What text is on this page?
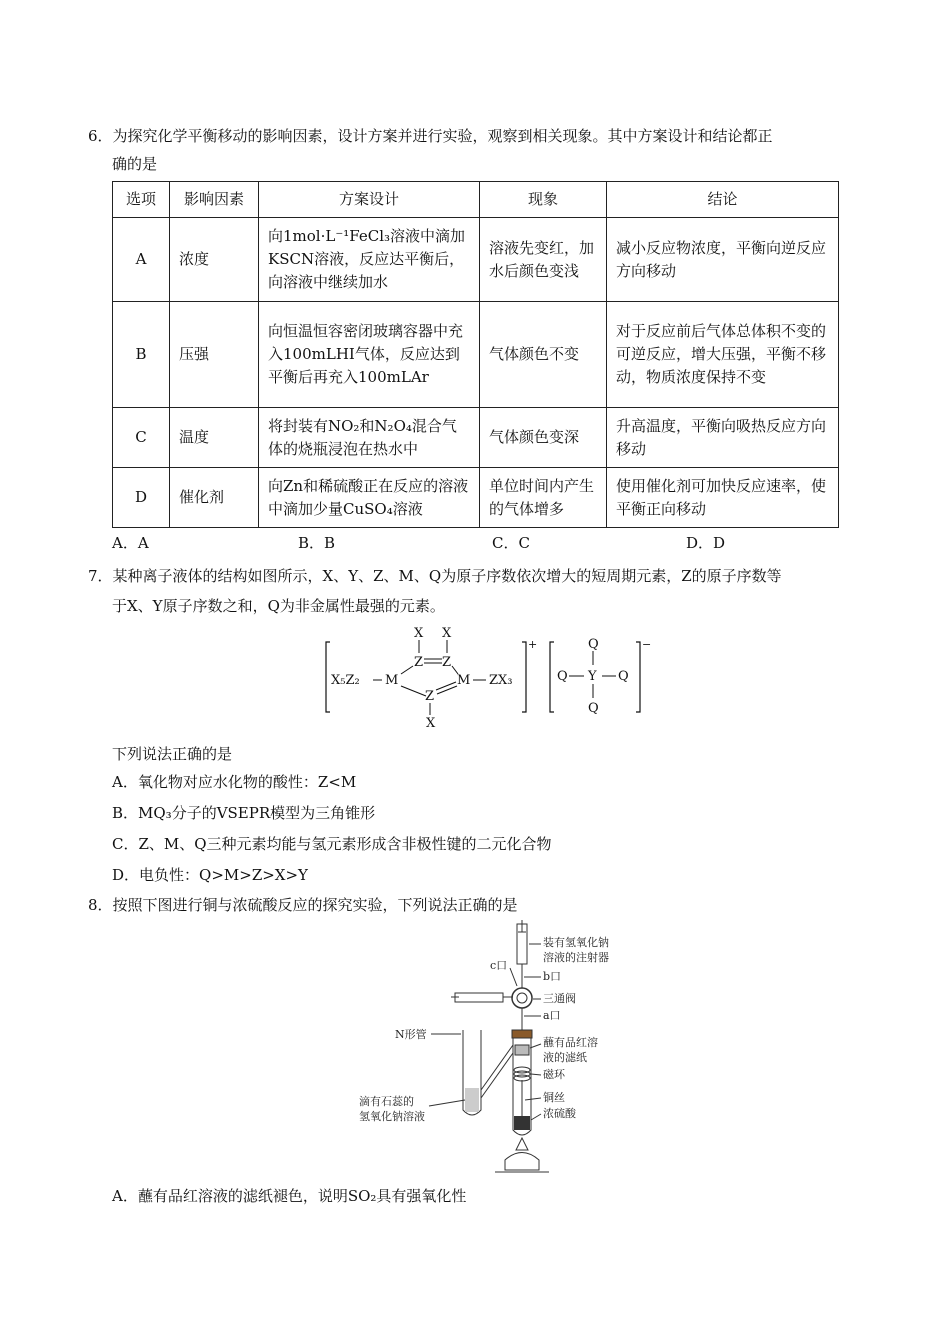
6．为探究化学平衡移动的影响因素，设计方案并进行实验，观察到相关现象。其中方案设计和结论都正
确的是
选项	影响因素	方案设计	现象	结论
A	浓度	向1mol·L⁻¹FeCl₃溶液中滴加KSCN溶液，反应达平衡后，向溶液中继续加水	溶液先变红，加水后颜色变浅	减小反应物浓度，平衡向逆反应方向移动
B	压强	向恒温恒容密闭玻璃容器中充入100mLHI气体，反应达到平衡后再充入100mLAr	气体颜色不变	对于反应前后气体总体积不变的可逆反应，增大压强，平衡不移动，物质浓度保持不变
C	温度	将封装有NO₂和N₂O₄混合气体的烧瓶浸泡在热水中	气体颜色变深	升高温度，平衡向吸热反应方向移动
D	催化剂	向Zn和稀硫酸正在反应的溶液中滴加少量CuSO₄溶液	单位时间内产生的气体增多	使用催化剂可加快反应速率，使平衡正向移动
A．A	B．B	C．C	D．D
7．某种离子液体的结构如图所示，X、Y、Z、M、Q为原子序数依次增大的短周期元素，Z的原子序数等
于X、Y原子序数之和，Q为非金属性最强的元素。
+
X₅Z₂ M
Z Z
Z
M ZX₃
X X
X
−
Q
Q Y Q
Q
下列说法正确的是
A．氧化物对应水化物的酸性：Z<M
B．MQ₃分子的VSEPR模型为三角锥形
C．Z、M、Q三种元素均能与氢元素形成含非极性键的二元化合物
D．电负性：Q>M>Z>X>Y
8．按照下图进行铜与浓硫酸反应的探究实验，下列说法正确的是
装有氢氧化钠
溶液的注射器
b口
c口
三通阀
a口
蘸有品红溶
液的滤纸
磁环
铜丝
浓硫酸
N形管
滴有石蕊的
氢氧化钠溶液
A．蘸有品红溶液的滤纸褪色，说明SO₂具有强氧化性
